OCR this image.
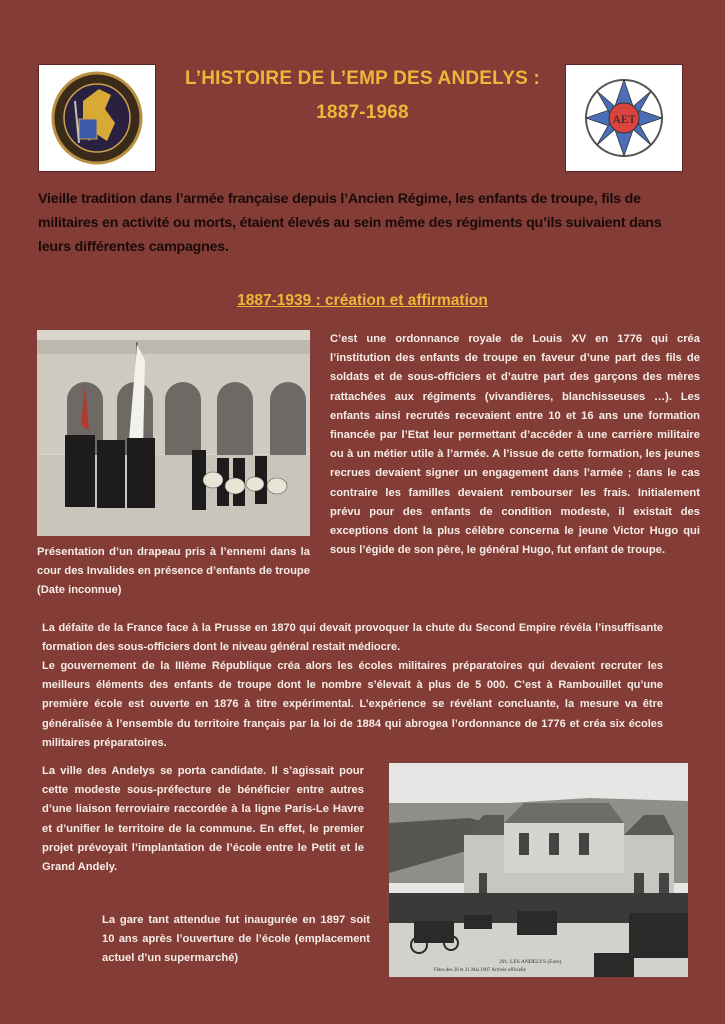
L’HISTOIRE DE L’EMP DES ANDELYS :
1887-1968	AET
Vieille tradition dans l’armée française depuis l’Ancien Régime, les enfants de troupe, fils de militaires en activité ou morts, étaient élevés au sein même des régiments qu’ils suivaient dans leurs différentes campagnes.
1887-1939 : création et affirmation
Présentation d’un drapeau pris à l’ennemi dans la cour des Invalides en présence d’enfants de troupe (Date inconnue)
C’est une ordonnance royale de Louis XV en 1776 qui créa l’institution des enfants de troupe en faveur d’une part des fils de soldats et de sous-officiers et d’autre part des garçons des mères rattachées aux régiments (vivandières, blanchisseuses …). Les enfants ainsi recrutés recevaient entre 10 et 16 ans une formation financée par l’Etat leur permettant d’accéder à une carrière militaire ou à un métier utile à l’armée. A l’issue de cette formation, les jeunes recrues devaient signer un engagement dans l’armée ; dans le cas contraire les familles devaient rembourser les frais. Initialement prévu pour des enfants de condition modeste, il existait des exceptions dont la plus célèbre concerna le jeune Victor Hugo qui sous l’égide de son père, le général Hugo, fut enfant de troupe.
La défaite de la France face à la Prusse en 1870 qui devait provoquer la chute du Second Empire révéla l’insuffisante formation des sous-officiers dont le niveau général restait médiocre.
Le gouvernement de la IIIème République créa alors les écoles militaires préparatoires qui devaient recruter les meilleurs éléments des enfants de troupe dont le nombre s’élevait à plus de 5 000. C’est à Rambouillet qu’une première école est ouverte en 1876 à titre expérimental. L’expérience se révélant concluante, la mesure va être généralisée à l’ensemble du territoire français par la loi de 1884 qui abrogea l’ordonnance de 1776 et créa six écoles militaires préparatoires.
La ville des Andelys se porta candidate. Il s’agissait pour cette modeste sous-préfecture de bénéficier entre autres d’une liaison ferroviaire raccordée à la ligne Paris-Le Havre et d’unifier le territoire de la commune. En effet, le premier projet prévoyait l’implantation de l’école entre le Petit et le Grand Andely.
201. LES ANDELYS (Eure)
Fêtes des 20 et 21 Mai 1907 Arrivée officielle
La gare tant attendue fut inaugurée en 1897 soit 10 ans après l’ouverture de l’école (emplacement actuel d’un supermarché)
